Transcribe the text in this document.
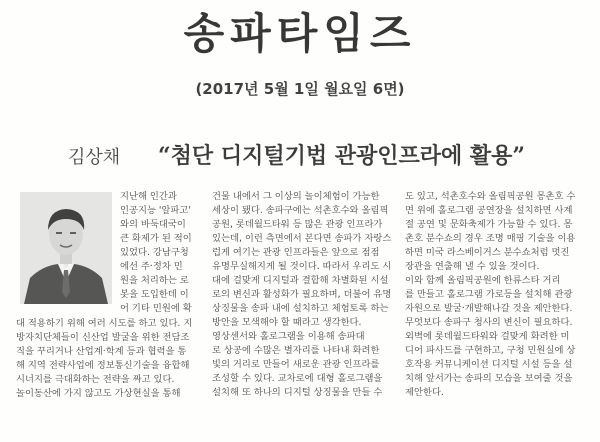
송파타임즈
(2017년 5월 1일 월요일 6면)
김상채 “첨단 디지털기법 관광인프라에 활용”
지난해 인간과
인공지능 '알파고'
와의 바둑대국이
큰 화제가 된 적이
있었다. 강남구청
에선 주·정차 민
원을 처리하는 로
봇을 도입한데 이
어 기타 민원에 확
대 적용하기 위해 여러 시도를 하고 있다. 지
방자치단체들이 신산업 발굴을 위한 전담조
직을 꾸리거나 산업계·학계 등과 협력을 통
해 지역 전략사업에 정보통신기술을 융합해
시너지를 극대화하는 전략을 짜고 있다.
놀이동산에 가지 않고도 가상현실을 통해
건물 내에서 그 이상의 놀이체험이 가능한
세상이 됐다. 송파구에는 석촌호수와 올림픽
공원, 롯데월드타워 등 많은 관광 인프라가
있는데, 이런 측면에서 본다면 송파가 자랑스
럽게 여기는 관광 인프라들은 앞으로 점점
유명무실해지게 될 것이다. 따라서 우리도 시
대에 걸맞게 디지털과 결합해 차별화된 시설
로의 변신과 활성화가 필요하며, 더불어 유명
상징물을 송파 내에 설치하고 체험토록 하는
방안을 모색해야 할 때라고 생각한다.
영상센서와 홀로그램을 이용해 송파대
로 상공에 수많은 별자리를 나타내 화려한
빛의 거리로 만들어 새로운 관광 인프라를
조성할 수 있다. 교차로에 대형 홀로그램을
설치해 또 하나의 디지털 상징물을 만들 수
도 있고, 석촌호수와 올림픽공원 몽촌호 수
면 위에 홀로그램 공연장을 설치하면 사계
절 공연 및 문화축제가 가능할 수 있다. 몽
촌호 분수쇼의 경우 조명 매핑 기술을 이용
하면 미국 라스베이거스 분수쇼처럼 멋진
장관을 연출해 낼 수 있을 것이다.
이와 함께 올림픽공원에 한류스타 거리
를 만들고 홀로그램 가로등을 설치해 관광
자원으로 발굴·개발해나갈 것을 제안한다.
무엇보다 송파구 청사의 변신이 필요하다.
외벽에 롯데월드타워와 걸맞게 화려한 미
디어 파사드를 구현하고, 구청 민원실에 상
호작용 커뮤니케이션 디지털 시설 등을 설
치해 앞서가는 송파의 모습을 보여줄 것을
제안한다.
